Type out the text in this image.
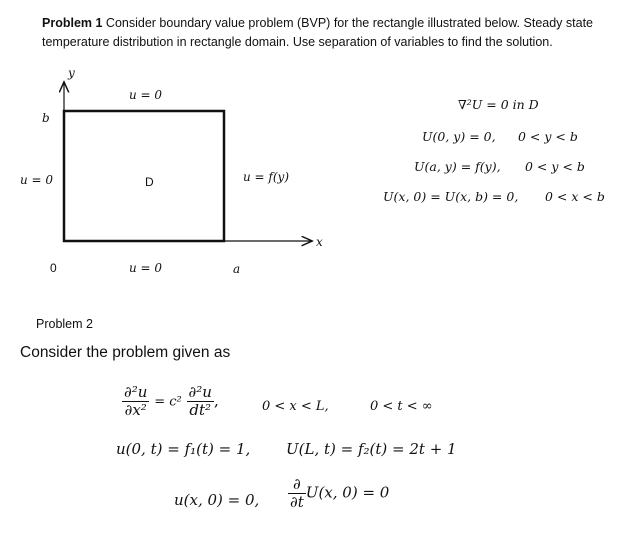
Problem 1 Consider boundary value problem (BVP) for the rectangle illustrated below. Steady state temperature distribution in rectangle domain. Use separation of variables to find the solution.
y
x
u = 0
b
u = 0	D	u = f(y)
0	u = 0	a
∇²U = 0 in D
U(0, y) = 0, 0 < y < b
U(a, y) = f(y), 0 < y < b
U(x, 0) = U(x, b) = 0, 0 < x < b
Problem 2
Consider the problem given as
$\frac{\text{∂²u}}{\text{∂x²}} = c^2 \frac{\text{∂²u}}{\text{dt²}}$ ,	0 < x < L,	0 < t < ∞
u(0, t) = f₁(t) = 1, U(L, t) = f₂(t) = 2t + 1
u(x, 0) = 0, $\frac{\partial}{\partial t} U(x$, 0) = 0
